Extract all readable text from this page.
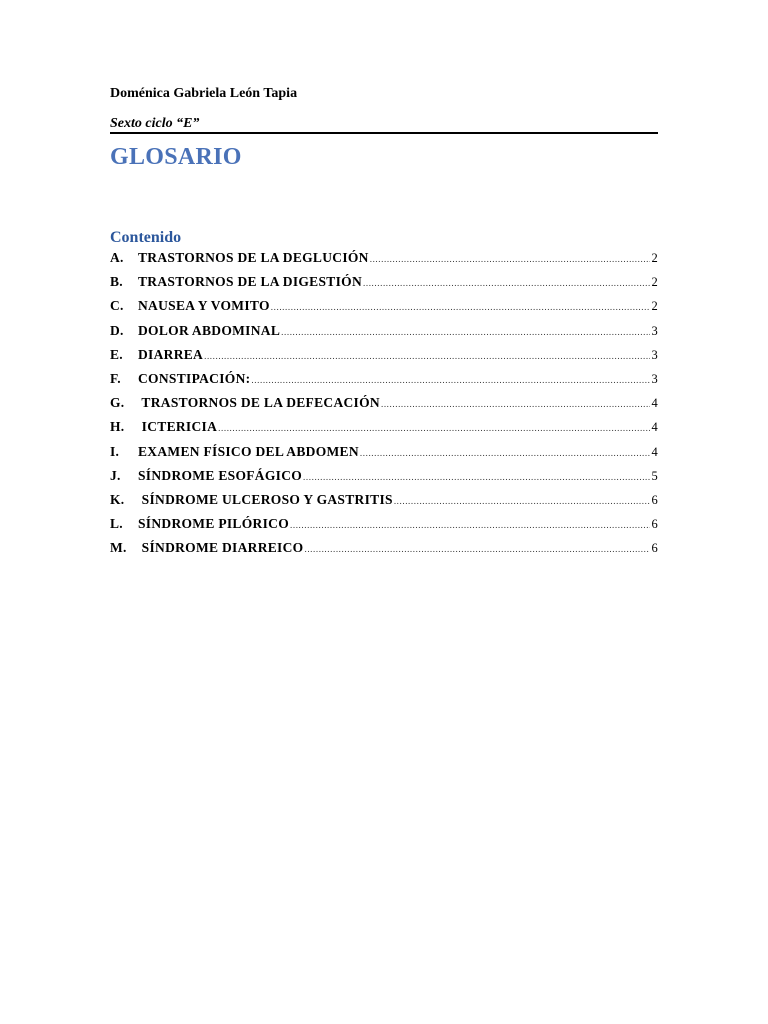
Doménica Gabriela León Tapia
Sexto ciclo “E”
GLOSARIO
Contenido
A.	TRASTORNOS DE LA DEGLUCIÓN .....	2
B.	TRASTORNOS DE LA DIGESTIÓN .....	2
C.	NAUSEA Y VOMITO .....	2
D.	DOLOR ABDOMINAL .....	3
E.	DIARREA .....	3
F.	CONSTIPACIÓN: .....	3
G.	TRASTORNOS DE LA DEFECACIÓN .....	4
H.	ICTERICIA .....	4
I.	EXAMEN FÍSICO DEL ABDOMEN .....	4
J.	SÍNDROME ESOFÁGICO .....	5
K.	SÍNDROME ULCEROSO Y GASTRITIS .....	6
L.	SÍNDROME PILÓRICO .....	6
M. SÍNDROME DIARREICO .....	6
